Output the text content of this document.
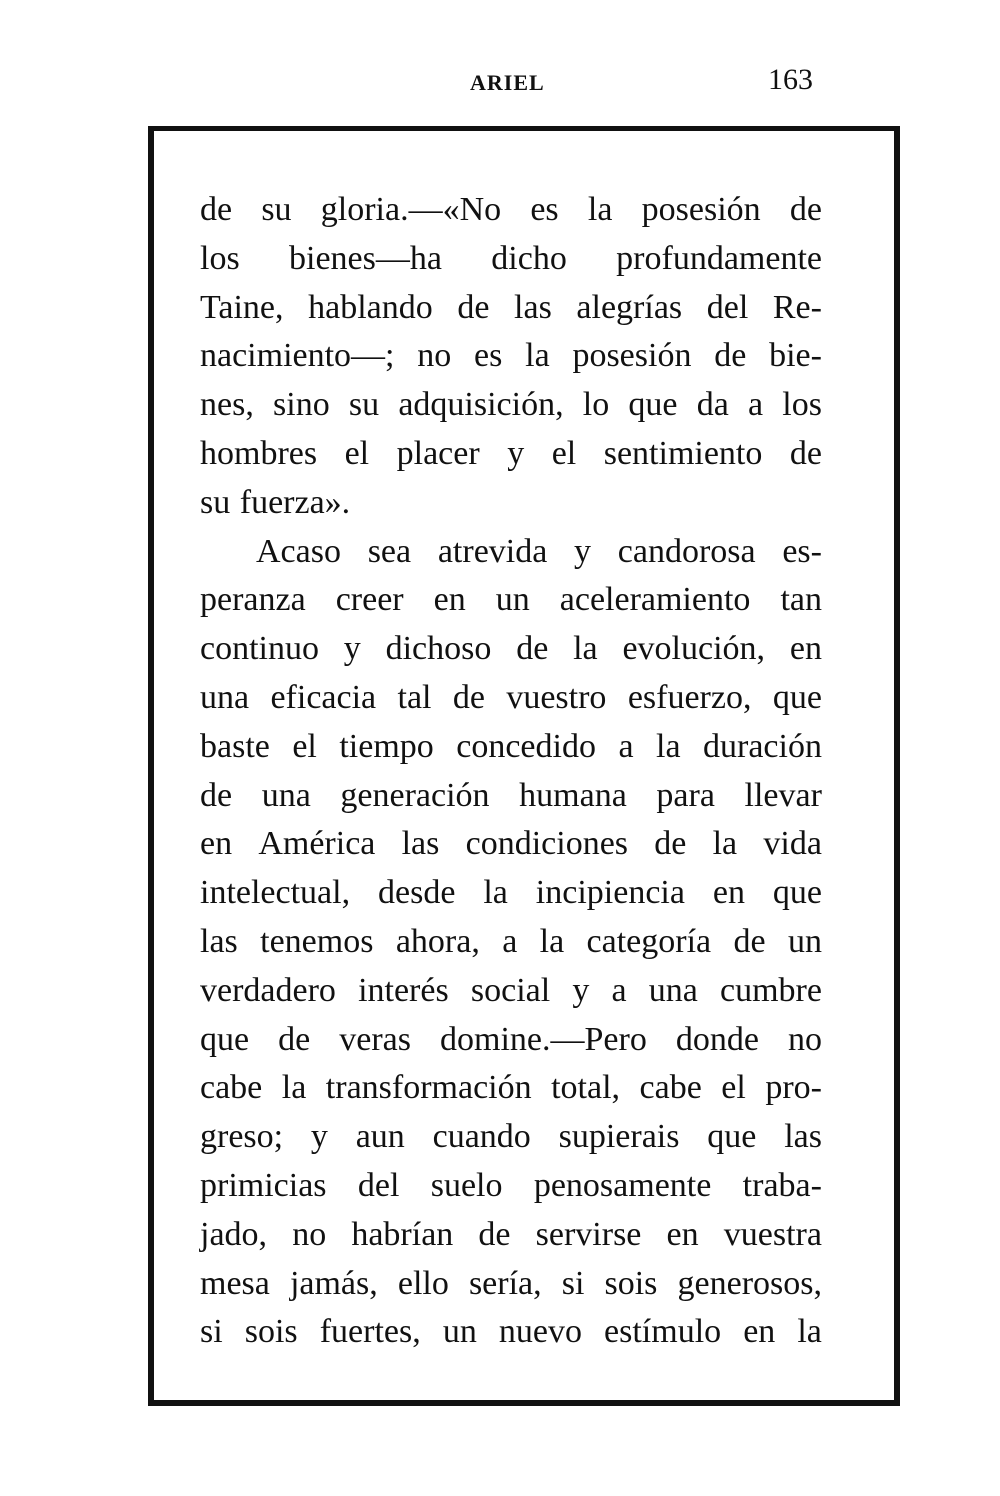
ARIEL	163
de su gloria.—«No es la posesión de
los bienes—ha dicho profundamente
Taine, hablando de las alegrías del Re-
nacimiento—; no es la posesión de bie-
nes, sino su adquisición, lo que da a los
hombres el placer y el sentimiento de
su fuerza».
Acaso sea atrevida y candorosa es-
peranza creer en un aceleramiento tan
continuo y dichoso de la evolución, en
una eficacia tal de vuestro esfuerzo, que
baste el tiempo concedido a la duración
de una generación humana para llevar
en América las condiciones de la vida
intelectual, desde la incipiencia en que
las tenemos ahora, a la categoría de un
verdadero interés social y a una cumbre
que de veras domine.—Pero donde no
cabe la transformación total, cabe el pro-
greso; y aun cuando supierais que las
primicias del suelo penosamente traba-
jado, no habrían de servirse en vuestra
mesa jamás, ello sería, si sois generosos,
si sois fuertes, un nuevo estímulo en la
